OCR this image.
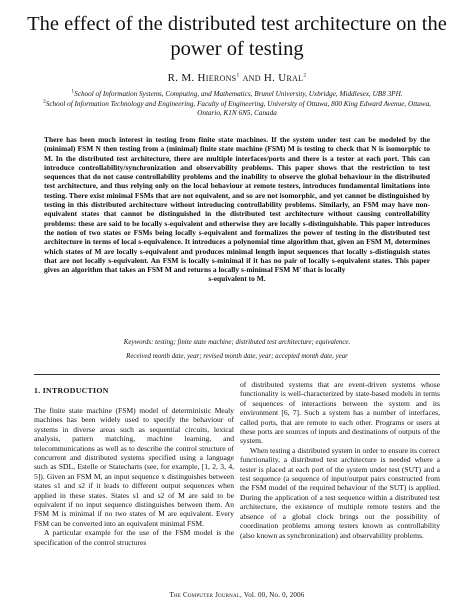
The effect of the distributed test architecture on the power of testing
R. M. Hierons$^1$ and H. Ural$^2$

$^1$School of Information Systems, Computing, and Mathematics, Brunel University, Uxbridge, Middlesex, UB8 3PH.

$^2$School of Information Technology and Engineering, Faculty of Engineering, University of Ottawa, 800 King Edward Avenue, Ottawa, Ontario, K1N 6N5, Canada

There has been much interest in testing from finite state machines. If the system under test can be modeled by the (minimal) FSM N then testing from a (minimal) finite state machine (FSM) M is testing to check that N is isomorphic to M. In the distributed test architecture, there are multiple interfaces/ports and there is a tester at each port. This can introduce controllability/synchronization and observability problems. This paper shows that the restriction to test sequences that do not cause controllability problems and the inability to observe the global behaviour in the distributed test architecture, and thus relying only on the local behaviour at remote testers, introduces fundamental limitations into testing. There exist minimal FSMs that are not equivalent, and so are not isomorphic, and yet cannot be distinguished by testing in this distributed architecture without introducing controllability problems. Similarly, an FSM may have non-equivalent states that cannot be distinguished in the distributed test architecture without causing controllability problems: these are said to be locally s-equivalent and otherwise they are locally s-distinguishable. This paper introduces the notion of two states or FSMs being locally s-equivalent and formalizes the power of testing in the distributed test architecture in terms of local s-equivalence. It introduces a polynomial time algorithm that, given an FSM M, determines which states of M are locally s-equivalent and produces minimal length input sequences that locally s-distinguish states that are not locally s-equivalent. An FSM is locally s-minimal if it has no pair of locally s-equivalent states. This paper gives an algorithm that takes an FSM M and returns a locally s-minimal FSM M′ that is locally
s-equivalent to M.

Keywords: testing; finite state machine; distributed test architecture; equivalence.
Received month date, year; revised month date, year; accepted month date, year
1. INTRODUCTION

The finite state machine (FSM) model of deterministic Mealy machines has been widely used to specify the behaviour of systems in diverse areas such as sequential circuits, lexical analysis, pattern matching, machine learning, and telecommunications as well as to describe the control structure of concurrent and distributed systems specified using a language such as SDL, Estelle or Statecharts (see, for example, [1, 2, 3, 4, 5]). Given an FSM M, an input sequence x distinguishes between states s1 and s2 if it leads to different output sequences when applied in these states. States s1 and s2 of M are said to be equivalent if no input sequence distinguishes between them. An FSM M is minimal if no two states of M are equivalent. Every FSM can be converted into an equivalent minimal FSM.

A particular example for the use of the FSM model is the specification of the control structures

of distributed systems that are event-driven systems whose functionality is well-characterized by state-based models in terms of sequences of interactions between the system and its environment [6, 7]. Such a system has a number of interfaces, called ports, that are remote to each other. Programs or users at these ports are sources of inputs and destinations of outputs of the system.

When testing a distributed system in order to ensure its correct functionality, a distributed test architecture is needed where a tester is placed at each port of the system under test (SUT) and a test sequence (a sequence of input/output pairs constructed from the FSM model of the required behaviour of the SUT) is applied. During the application of a test sequence within a distributed test architecture, the existence of multiple remote testers and the absence of a global clock brings out the possibility of coordination problems among testers known as controllability (also known as synchronization) and observability problems.

The Computer Journal, Vol. 00, No. 0, 2006
